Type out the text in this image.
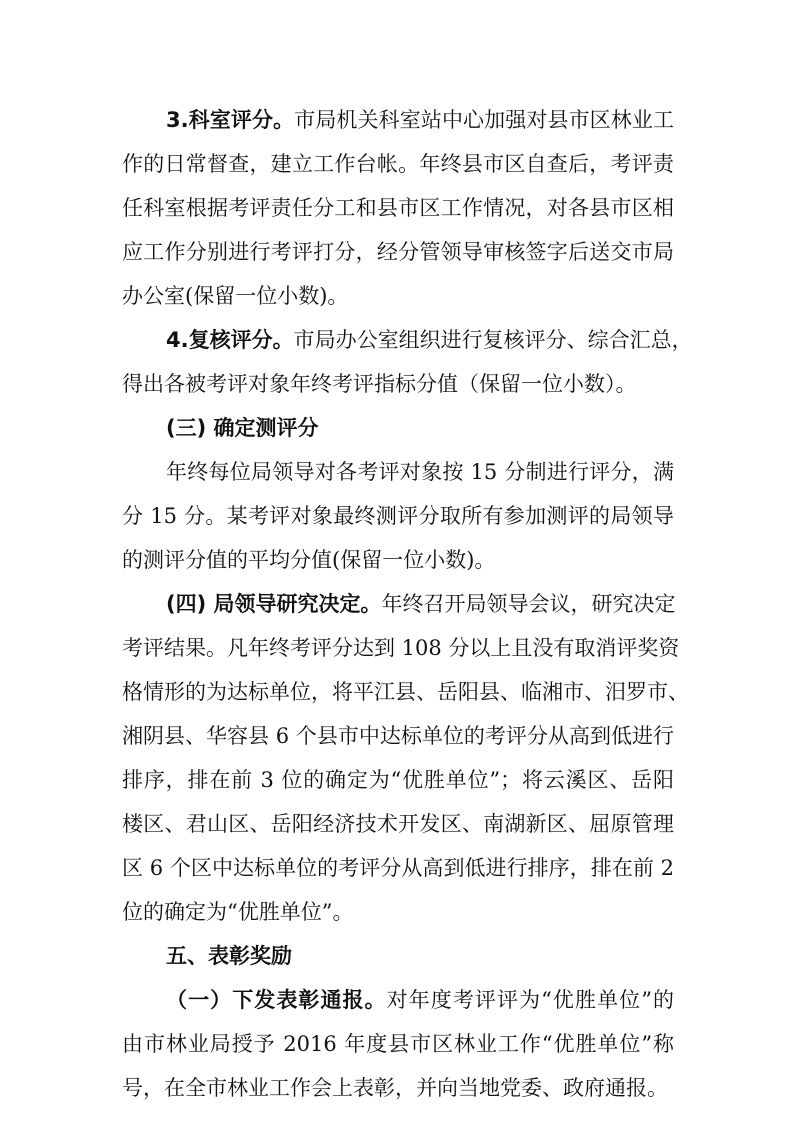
3.科室评分。市局机关科室站中心加强对县市区林业工
作的日常督查，建立工作台帐。年终县市区自查后，考评责
任科室根据考评责任分工和县市区工作情况，对各县市区相
应工作分别进行考评打分，经分管领导审核签字后送交市局
办公室(保留一位小数)。
4.复核评分。市局办公室组织进行复核评分、综合汇总，
得出各被考评对象年终考评指标分值（保留一位小数）。
(三) 确定测评分
年终每位局领导对各考评对象按 15 分制进行评分，满
分 15 分。某考评对象最终测评分取所有参加测评的局领导
的测评分值的平均分值(保留一位小数)。
(四) 局领导研究决定。年终召开局领导会议，研究决定
考评结果。凡年终考评分达到 108 分以上且没有取消评奖资
格情形的为达标单位，将平江县、岳阳县、临湘市、汨罗市、
湘阴县、华容县 6 个县市中达标单位的考评分从高到低进行
排序，排在前 3 位的确定为“优胜单位”；将云溪区、岳阳
楼区、君山区、岳阳经济技术开发区、南湖新区、屈原管理
区 6 个区中达标单位的考评分从高到低进行排序，排在前 2
位的确定为“优胜单位”。
五、表彰奖励
（一）下发表彰通报。对年度考评评为“优胜单位”的
由市林业局授予 2016 年度县市区林业工作“优胜单位”称
号，在全市林业工作会上表彰，并向当地党委、政府通报。
